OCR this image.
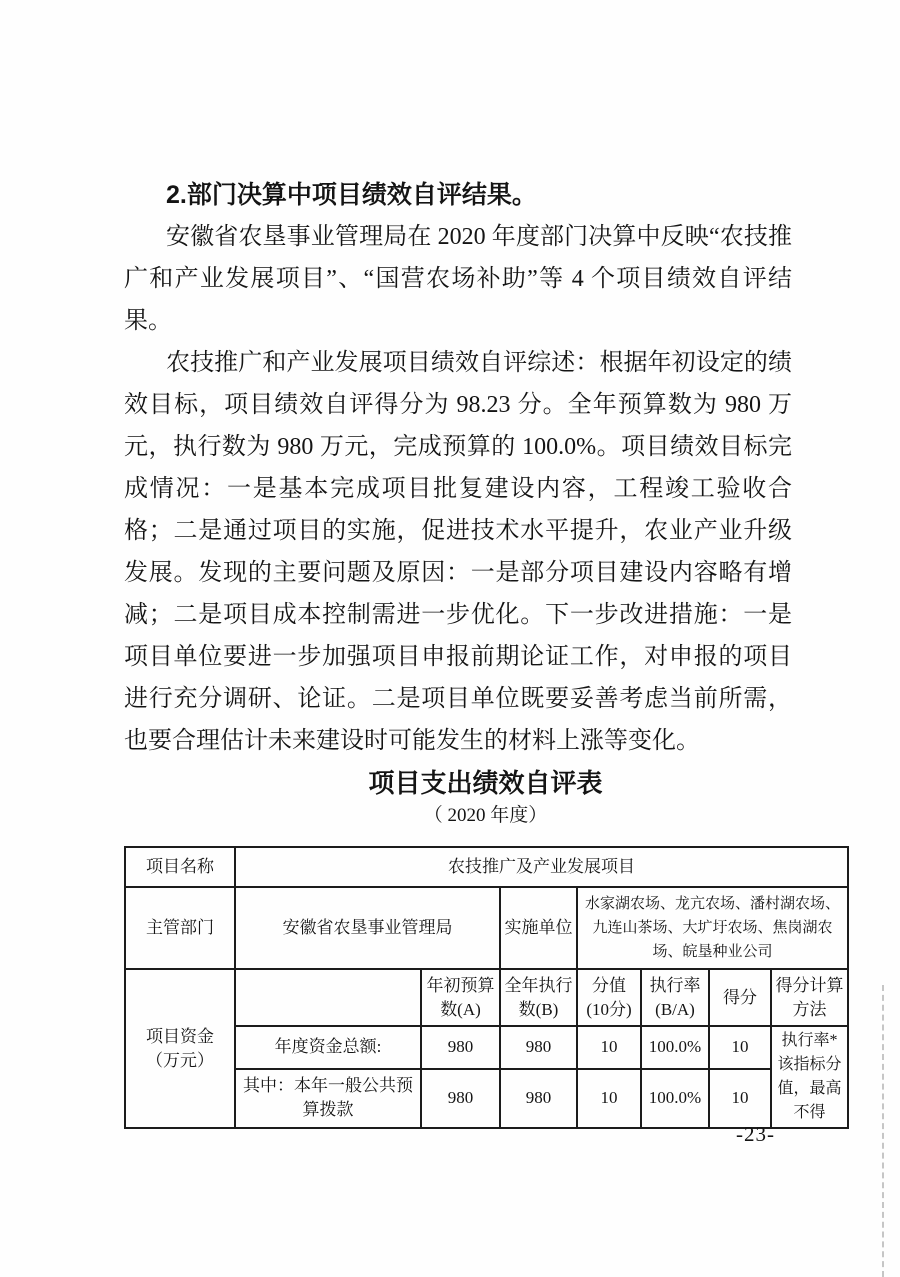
2.部门决算中项目绩效自评结果。
安徽省农垦事业管理局在 2020 年度部门决算中反映“农技推广和产业发展项目”、“国营农场补助”等 4 个项目绩效自评结果。
农技推广和产业发展项目绩效自评综述：根据年初设定的绩效目标，项目绩效自评得分为 98.23 分。全年预算数为 980 万元，执行数为 980 万元，完成预算的 100.0%。项目绩效目标完成情况：一是基本完成项目批复建设内容，工程竣工验收合格；二是通过项目的实施，促进技术水平提升，农业产业升级发展。发现的主要问题及原因：一是部分项目建设内容略有增减；二是项目成本控制需进一步优化。下一步改进措施：一是项目单位要进一步加强项目申报前期论证工作，对申报的项目进行充分调研、论证。二是项目单位既要妥善考虑当前所需，也要合理估计未来建设时可能发生的材料上涨等变化。
项目支出绩效自评表
（ 2020 年度）
项目名称	农技推广及产业发展项目						
主管部门	安徽省农垦事业管理局		实施单位	水家湖农场、龙亢农场、潘村湖农场、九连山茶场、大圹圩农场、焦岗湖农场、皖垦种业公司			

项目资金
（万元）		年初预算数(A)	全年执行数(B)	分值(10分)	执行率(B/A)	得分	得分计算方法
	年度资金总额:	980	980	10	100.0%	10	执行率*该指标分值，最高不得
	其中：本年一般公共预算拨款	980	980	10	100.0%	10	
-23-
